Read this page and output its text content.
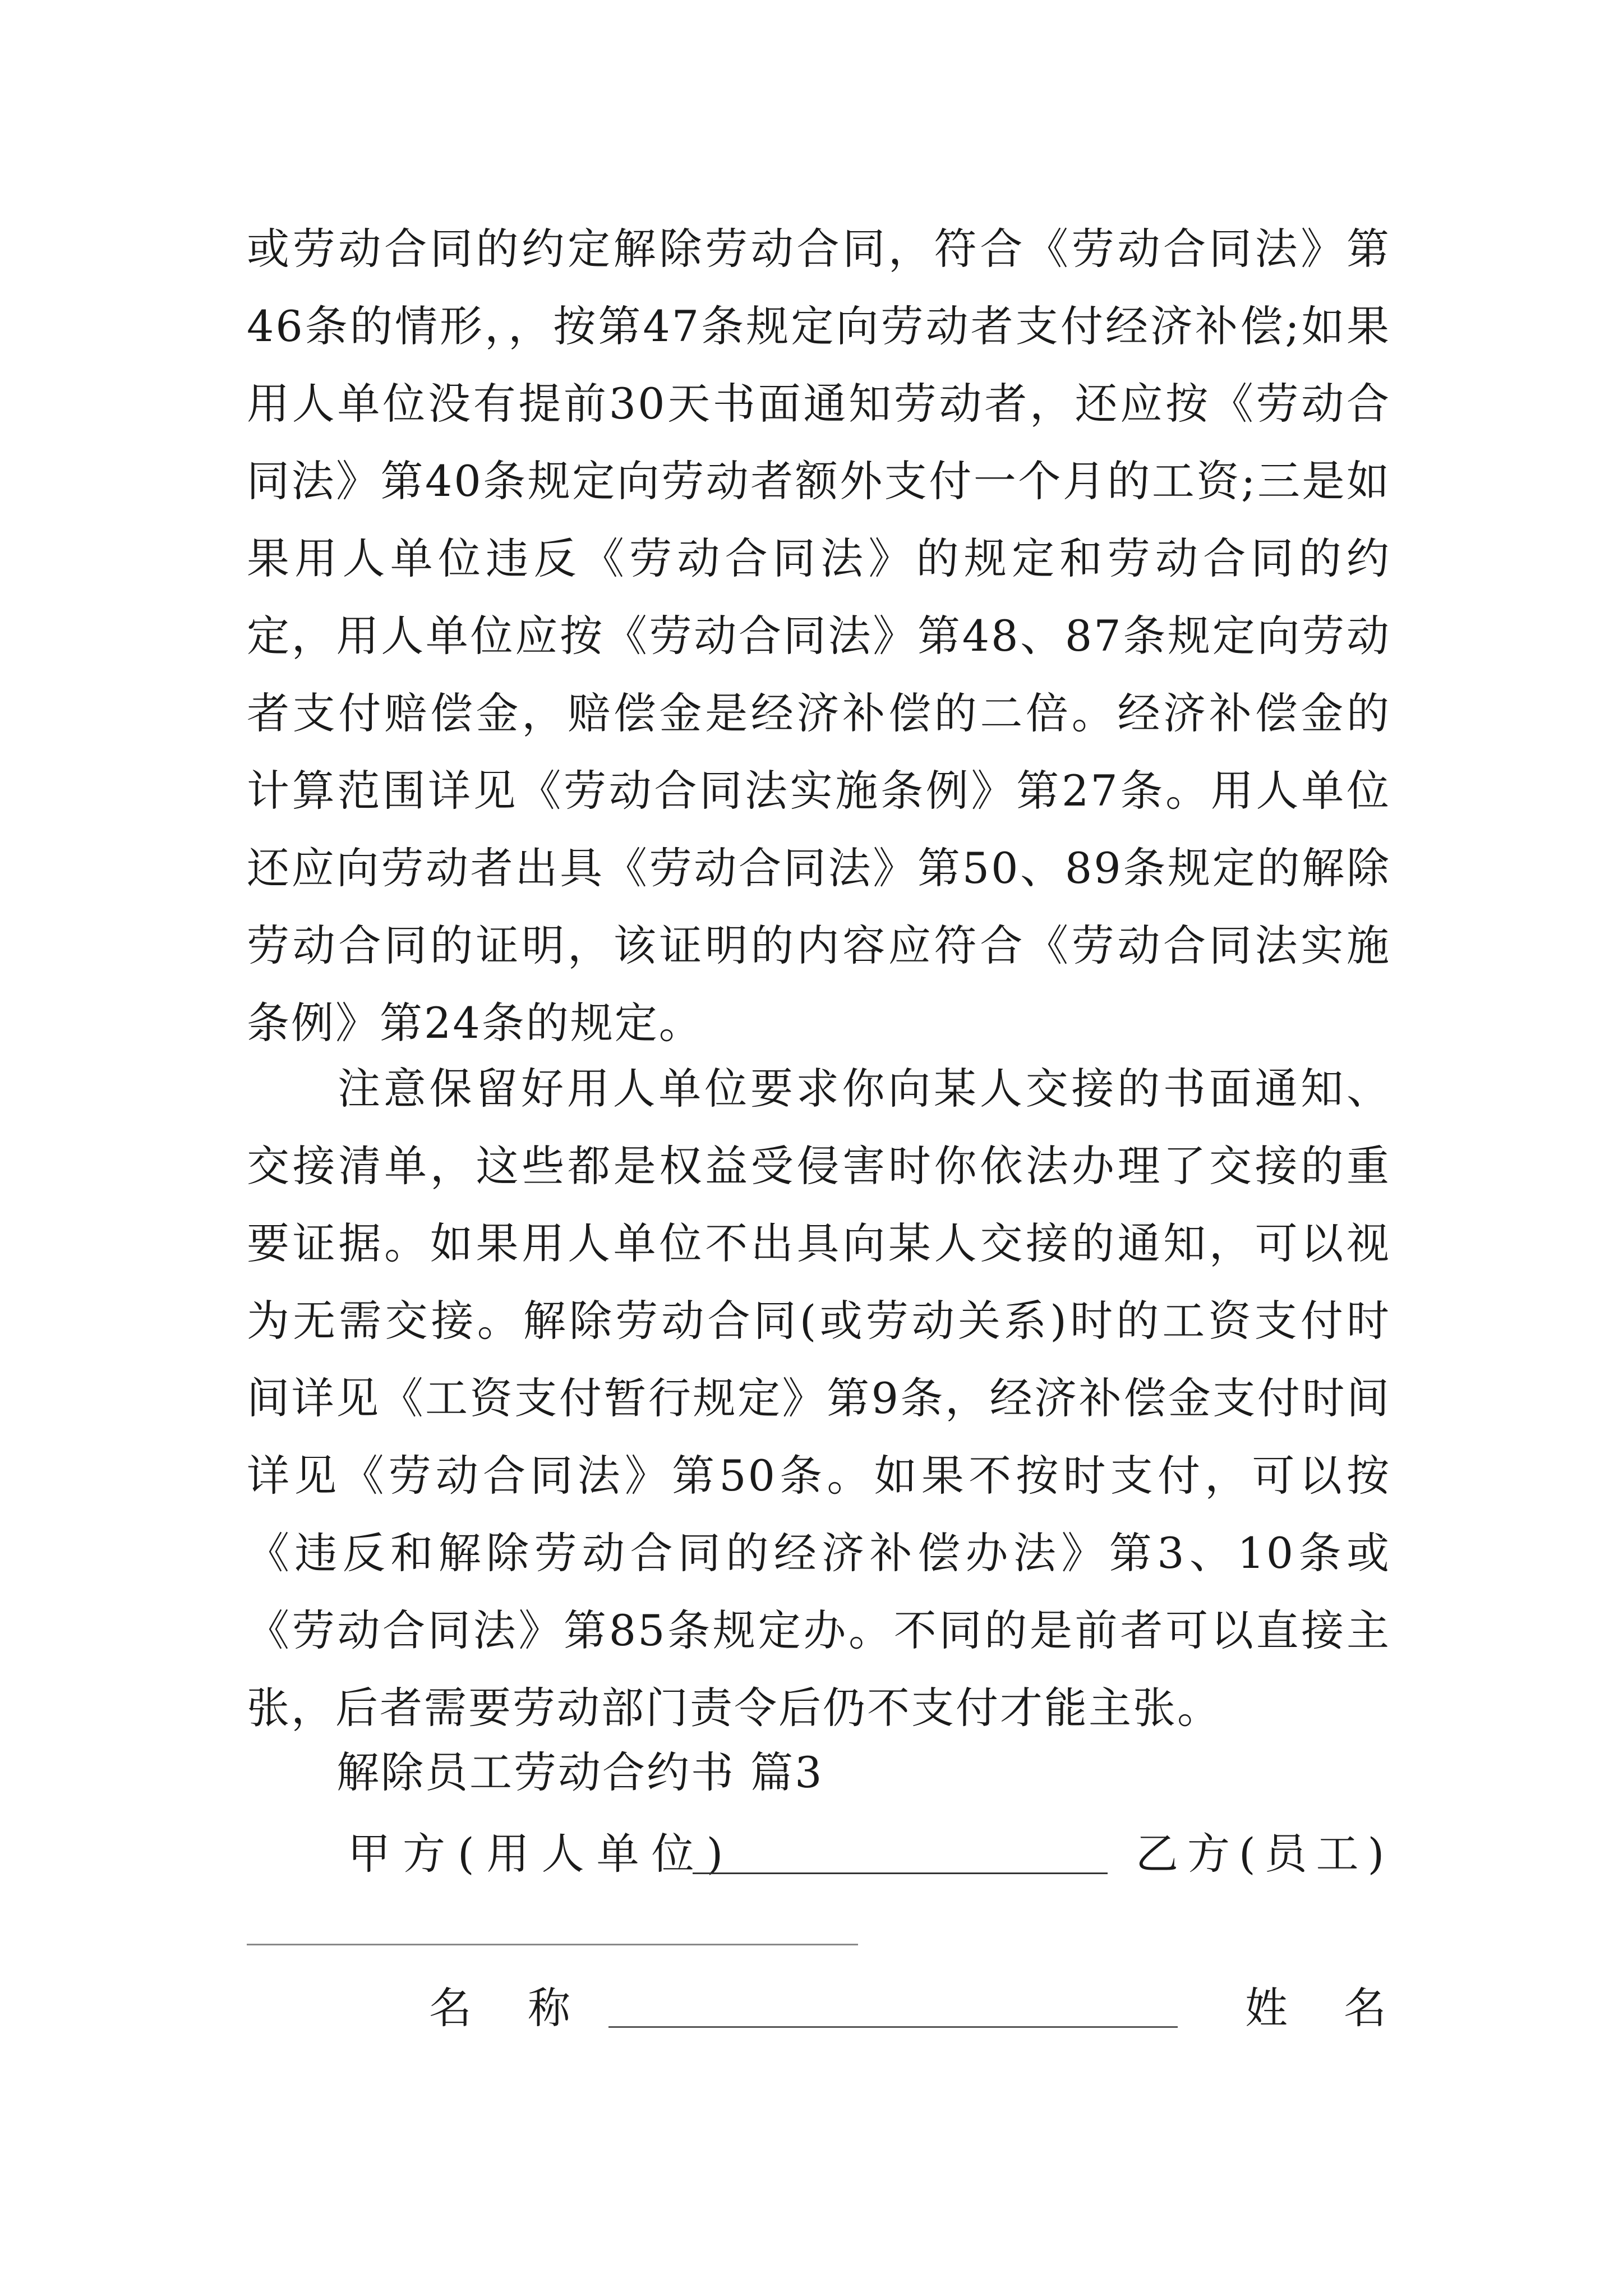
或劳动合同的约定解除劳动合同，符合《劳动合同法》第46条的情形，，按第47条规定向劳动者支付经济补偿;如果用人单位没有提前30天书面通知劳动者，还应按《劳动合同法》第40条规定向劳动者额外支付一个月的工资;三是如果用人单位违反《劳动合同法》的规定和劳动合同的约定，用人单位应按《劳动合同法》第48、87条规定向劳动者支付赔偿金，赔偿金是经济补偿的二倍。经济补偿金的计算范围详见《劳动合同法实施条例》第27条。用人单位还应向劳动者出具《劳动合同法》第50、89条规定的解除劳动合同的证明，该证明的内容应符合《劳动合同法实施条例》第24条的规定。

注意保留好用人单位要求你向某人交接的书面通知、交接清单，这些都是权益受侵害时你依法办理了交接的重要证据。如果用人单位不出具向某人交接的通知，可以视为无需交接。解除劳动合同(或劳动关系)时的工资支付时间详见《工资支付暂行规定》第9条，经济补偿金支付时间详见《劳动合同法》第50条。如果不按时支付，可以按《违反和解除劳动合同的经济补偿办法》第3、10条或《劳动合同法》第85条规定办。不同的是前者可以直接主张，后者需要劳动部门责令后仍不支付才能主张。

解除员工劳动合约书 篇3
甲方(用人单位)	乙方(员工)
名称	姓名
